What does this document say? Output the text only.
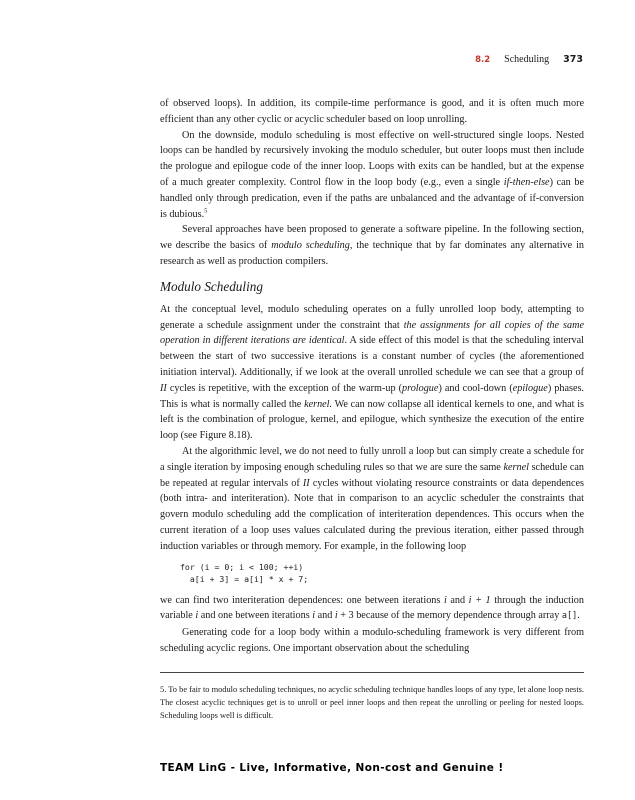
8.2 Scheduling 373

of observed loops). In addition, its compile-time performance is good, and it is often much more efficient than any other cyclic or acyclic scheduler based on loop unrolling.

On the downside, modulo scheduling is most effective on well-structured single loops. Nested loops can be handled by recursively invoking the modulo scheduler, but outer loops must then include the prologue and epilogue code of the inner loop. Loops with exits can be handled, but at the expense of a much greater complexity. Control flow in the loop body (e.g., even a single if-then-else) can be handled only through predication, even if the paths are unbalanced and the advantage of if-conversion is dubious.$^5$

Several approaches have been proposed to generate a software pipeline. In the following section, we describe the basics of modulo scheduling, the technique that by far dominates any alternative in research as well as production compilers.

Modulo Scheduling

At the conceptual level, modulo scheduling operates on a fully unrolled loop body, attempting to generate a schedule assignment under the constraint that the assignments for all copies of the same operation in different iterations are identical. A side effect of this model is that the scheduling interval between the start of two successive iterations is a constant number of cycles (the aforementioned initiation interval). Additionally, if we look at the overall unrolled schedule we can see that a group of II cycles is repetitive, with the exception of the warm-up (prologue) and cool-down (epilogue) phases. This is what is normally called the kernel. We can now collapse all identical kernels to one, and what is left is the combination of prologue, kernel, and epilogue, which synthesize the execution of the entire loop (see Figure 8.18).

At the algorithmic level, we do not need to fully unroll a loop but can simply create a schedule for a single iteration by imposing enough scheduling rules so that we are sure the same kernel schedule can be repeated at regular intervals of II cycles without violating resource constraints or data dependences (both intra- and interiteration). Note that in comparison to an acyclic scheduler the constraints that govern modulo scheduling add the complication of interiteration dependences. This occurs when the current iteration of a loop uses values calculated during the previous iteration, either passed through induction variables or through memory. For example, in the following loop

for (i = 0; i < 100; ++i)
a[i + 3] = a[i] * x + 7;

we can find two interiteration dependences: one between iterations i and i + 1 through the induction variable i and one between iterations i and i + 3 because of the memory dependence through array a[].

Generating code for a loop body within a modulo-scheduling framework is very different from scheduling acyclic regions. One important observation about the scheduling

5. To be fair to modulo scheduling techniques, no acyclic scheduling technique handles loops of any type, let alone loop nests. The closest acyclic techniques get is to unroll or peel inner loops and then repeat the unrolling or peeling for nested loops. Scheduling loops well is difficult.
TEAM LinG - Live, Informative, Non-cost and Genuine !
